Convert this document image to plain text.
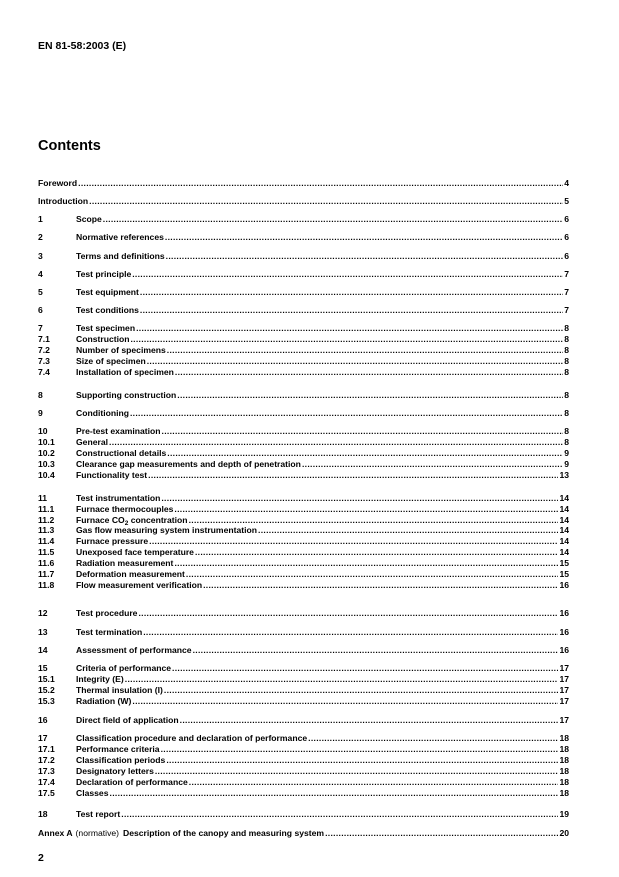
EN 81-58:2003 (E)
Contents
Foreword .....	4
Introduction .....	5
1	Scope .....	6
2	Normative references .....	6
3	Terms and definitions .....	6
4	Test principle .....	7
5	Test equipment .....	7
6	Test conditions .....	7
7	Test specimen .....	8
7.1	Construction .....	8
7.2	Number of specimens .....	8
7.3	Size of specimen .....	8
7.4	Installation of specimen .....	8
8	Supporting construction .....	8
9	Conditioning .....	8
10	Pre-test examination .....	8
10.1	General .....	8
10.2	Constructional details .....	9
10.3	Clearance gap measurements and depth of penetration .....	9
10.4	Functionality test .....	13
11	Test instrumentation .....	14
11.1	Furnace thermocouples .....	14
11.2	Furnace $CO_2$ concentration .....	14
11.3	Gas flow measuring system instrumentation .....	14
11.4	Furnace pressure .....	14
11.5	Unexposed face temperature .....	14
11.6	Radiation measurement .....	15
11.7	Deformation measurement .....	15
11.8	Flow measurement verification .....	16
12	Test procedure .....	16
13	Test termination .....	16
14	Assessment of performance .....	16
15	Criteria of performance .....	17
15.1	Integrity (E) .....	17
15.2	Thermal insulation (I) .....	17
15.3	Radiation (W) .....	17
16	Direct field of application .....	17
17	Classification procedure and declaration of performance .....	18
17.1	Performance criteria .....	18
17.2	Classification periods .....	18
17.3	Designatory letters .....	18
17.4	Declaration of performance .....	18
17.5	Classes .....	18
18	Test report .....	19
Annex A (normative) Description of the canopy and measuring system .....	20
2
